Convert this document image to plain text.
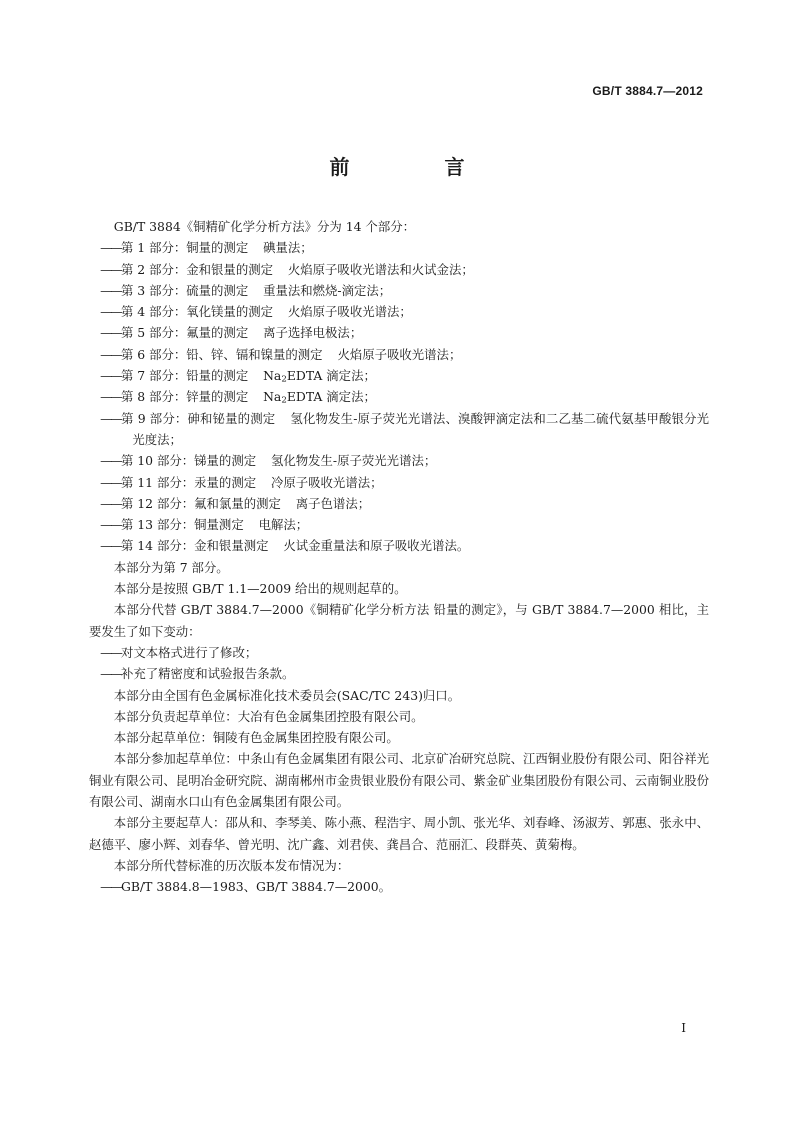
GB/T 3884.7—2012
前 言

GB/T 3884《铜精矿化学分析方法》分为 14 个部分：

——第 1 部分：铜量的测定 碘量法；

——第 2 部分：金和银量的测定 火焰原子吸收光谱法和火试金法；

——第 3 部分：硫量的测定 重量法和燃烧-滴定法；

——第 4 部分：氧化镁量的测定 火焰原子吸收光谱法；

——第 5 部分：氟量的测定 离子选择电极法；

——第 6 部分：铅、锌、镉和镍量的测定 火焰原子吸收光谱法；

——第 7 部分：铅量的测定 $Na_2EDTA$ 滴定法；

——第 8 部分：锌量的测定 $Na_2EDTA$ 滴定法；

——第 9 部分：砷和铋量的测定 氢化物发生-原子荧光光谱法、溴酸钾滴定法和二乙基二硫代氨基甲酸银分光光度法；

——第 10 部分：锑量的测定 氢化物发生-原子荧光光谱法；

——第 11 部分：汞量的测定 冷原子吸收光谱法；

——第 12 部分：氟和氯量的测定 离子色谱法；

——第 13 部分：铜量测定 电解法；

——第 14 部分：金和银量测定 火试金重量法和原子吸收光谱法。

本部分为第 7 部分。

本部分是按照 GB/T 1.1—2009 给出的规则起草的。

本部分代替 GB/T 3884.7—2000《铜精矿化学分析方法 铅量的测定》，与 GB/T 3884.7—2000 相比，主要发生了如下变动：

——对文本格式进行了修改；

——补充了精密度和试验报告条款。

本部分由全国有色金属标准化技术委员会(SAC/TC 243)归口。

本部分负责起草单位：大冶有色金属集团控股有限公司。

本部分起草单位：铜陵有色金属集团控股有限公司。

本部分参加起草单位：中条山有色金属集团有限公司、北京矿冶研究总院、江西铜业股份有限公司、阳谷祥光铜业有限公司、昆明冶金研究院、湖南郴州市金贵银业股份有限公司、紫金矿业集团股份有限公司、云南铜业股份有限公司、湖南水口山有色金属集团有限公司。

本部分主要起草人：邵从和、李琴美、陈小燕、程浩宇、周小凯、张光华、刘春峰、汤淑芳、郭惠、张永中、赵德平、廖小辉、刘春华、曾光明、沈广鑫、刘君侠、龚昌合、范丽汇、段群英、黄菊梅。

本部分所代替标准的历次版本发布情况为：

——GB/T 3884.8—1983、GB/T 3884.7—2000。

I
